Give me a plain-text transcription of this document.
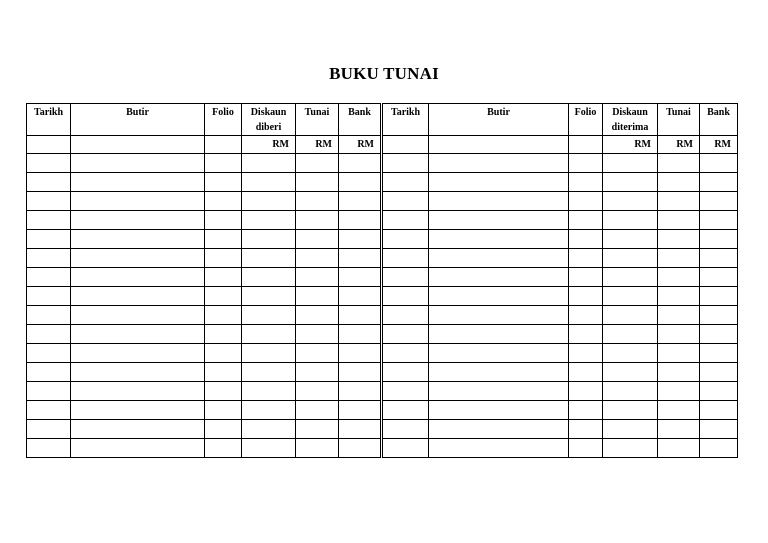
BUKU TUNAI
Tarikh	Butir	Folio	Diskaun diberi	Tunai	Bank	Tarikh	Butir	Folio	Diskaun diterima	Tunai	Bank
			RM	RM	RM				RM	RM	RM
